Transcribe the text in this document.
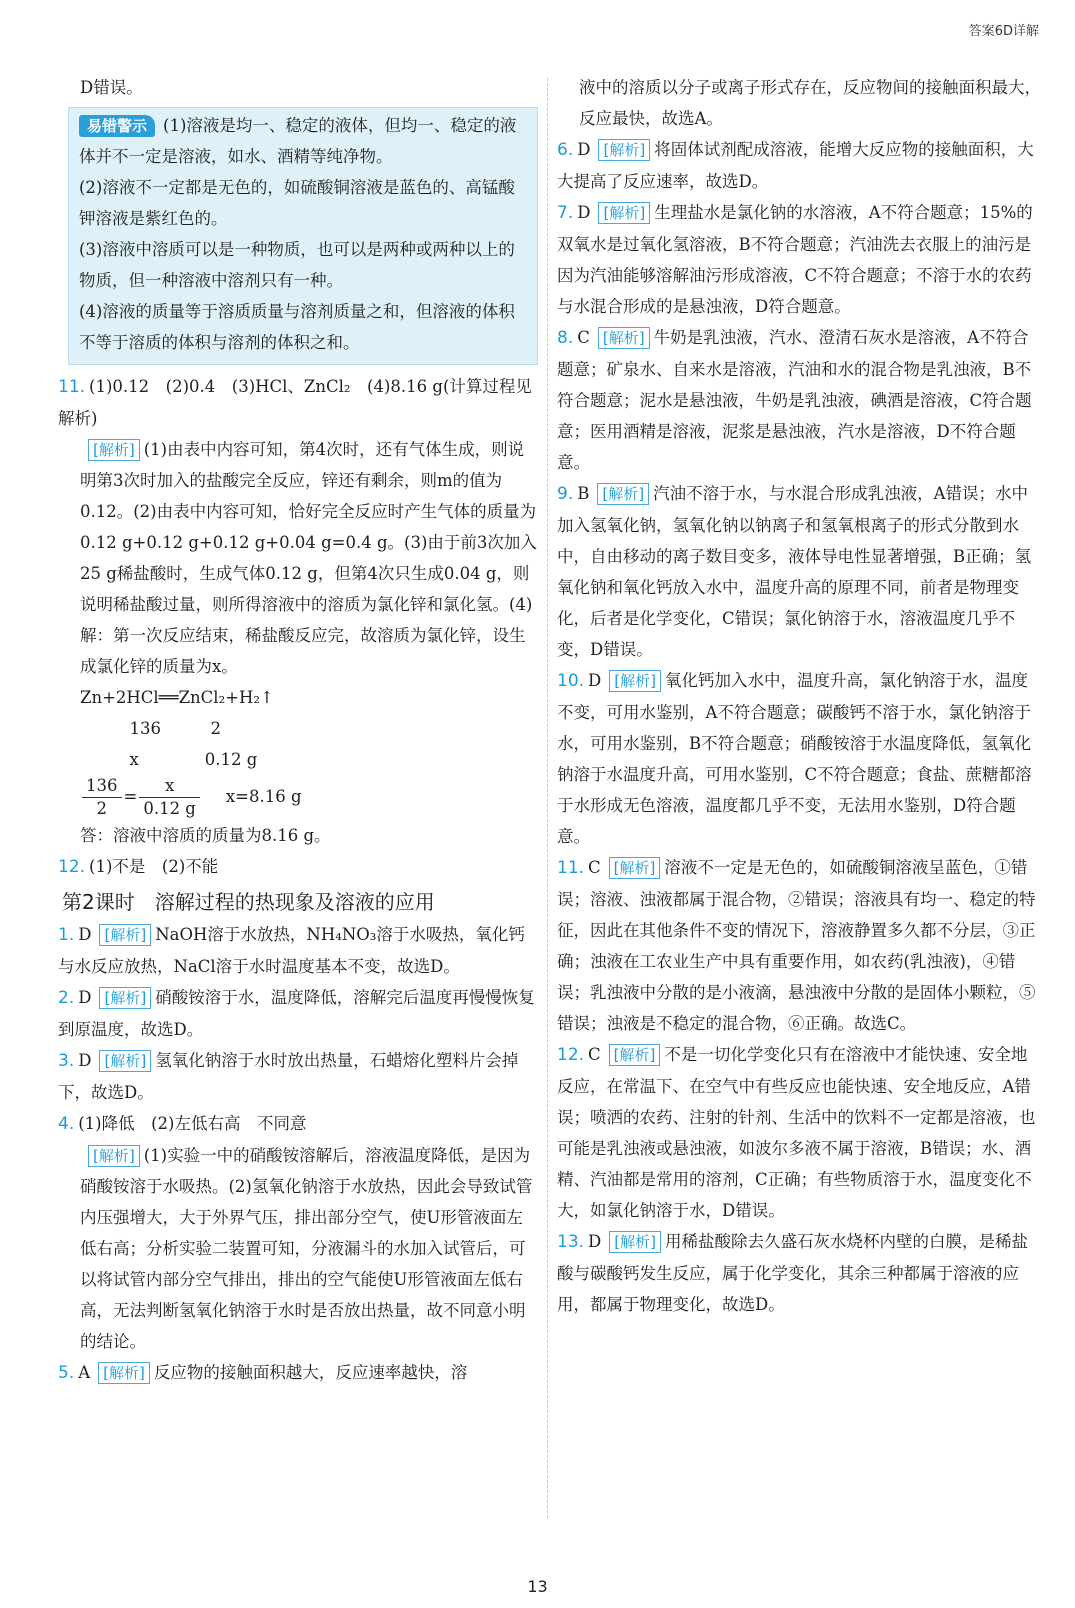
答案6D详解

D错误。

易错警示 (1)溶液是均一、稳定的液体，但均一、稳定的液体并不一定是溶液，如水、酒精等纯净物。
(2)溶液不一定都是无色的，如硫酸铜溶液是蓝色的、高锰酸钾溶液是紫红色的。
(3)溶液中溶质可以是一种物质，也可以是两种或两种以上的物质，但一种溶液中溶剂只有一种。
(4)溶液的质量等于溶质质量与溶剂质量之和，但溶液的体积不等于溶质的体积与溶剂的体积之和。

11. (1)0.12　(2)0.4　(3)HCl、ZnCl₂　(4)8.16 g(计算过程见解析)

[解析] (1)由表中内容可知，第4次时，还有气体生成，则说明第3次时加入的盐酸完全反应，锌还有剩余，则m的值为0.12。(2)由表中内容可知，恰好完全反应时产生气体的质量为0.12 g+0.12 g+0.12 g+0.04 g=0.4 g。(3)由于前3次加入25 g稀盐酸时，生成气体0.12 g，但第4次只生成0.04 g，则说明稀盐酸过量，则所得溶液中的溶质为氯化锌和氯化氢。(4)解：第一次反应结束，稀盐酸反应完，故溶质为氯化锌，设生成氯化锌的质量为x。

Zn+2HCl══ZnCl₂+H₂↑

　　　136　　　2

　　　x　　　　0.12 g

$\frac{136}{2} = \frac{x}{0.12 g} x=8.16$ g

答：溶液中溶质的质量为8.16 g。

12. (1)不是　(2)不能

第2课时　溶解过程的热现象及溶液的应用

1. D [解析] NaOH溶于水放热，NH₄NO₃溶于水吸热，氧化钙与水反应放热，NaCl溶于水时温度基本不变，故选D。

2. D [解析] 硝酸铵溶于水，温度降低，溶解完后温度再慢慢恢复到原温度，故选D。

3. D [解析] 氢氧化钠溶于水时放出热量，石蜡熔化塑料片会掉下，故选D。

4. (1)降低　(2)左低右高　不同意

[解析] (1)实验一中的硝酸铵溶解后，溶液温度降低，是因为硝酸铵溶于水吸热。(2)氢氧化钠溶于水放热，因此会导致试管内压强增大，大于外界气压，排出部分空气，使U形管液面左低右高；分析实验二装置可知，分液漏斗的水加入试管后，可以将试管内部分空气排出，排出的空气能使U形管液面左低右高，无法判断氢氧化钠溶于水时是否放出热量，故不同意小明的结论。

5. A [解析] 反应物的接触面积越大，反应速率越快，溶

液中的溶质以分子或离子形式存在，反应物间的接触面积最大，反应最快，故选A。

6. D [解析] 将固体试剂配成溶液，能增大反应物的接触面积，大大提高了反应速率，故选D。

7. D [解析] 生理盐水是氯化钠的水溶液，A不符合题意；15%的双氧水是过氧化氢溶液，B不符合题意；汽油洗去衣服上的油污是因为汽油能够溶解油污形成溶液，C不符合题意；不溶于水的农药与水混合形成的是悬浊液，D符合题意。

8. C [解析] 牛奶是乳浊液，汽水、澄清石灰水是溶液，A不符合题意；矿泉水、自来水是溶液，汽油和水的混合物是乳浊液，B不符合题意；泥水是悬浊液，牛奶是乳浊液，碘酒是溶液，C符合题意；医用酒精是溶液，泥浆是悬浊液，汽水是溶液，D不符合题意。

9. B [解析] 汽油不溶于水，与水混合形成乳浊液，A错误；水中加入氢氧化钠，氢氧化钠以钠离子和氢氧根离子的形式分散到水中，自由移动的离子数目变多，液体导电性显著增强，B正确；氢氧化钠和氧化钙放入水中，温度升高的原理不同，前者是物理变化，后者是化学变化，C错误；氯化钠溶于水，溶液温度几乎不变，D错误。

10. D [解析] 氧化钙加入水中，温度升高，氯化钠溶于水，温度不变，可用水鉴别，A不符合题意；碳酸钙不溶于水，氯化钠溶于水，可用水鉴别，B不符合题意；硝酸铵溶于水温度降低，氢氧化钠溶于水温度升高，可用水鉴别，C不符合题意；食盐、蔗糖都溶于水形成无色溶液，温度都几乎不变，无法用水鉴别，D符合题意。

11. C [解析] 溶液不一定是无色的，如硫酸铜溶液呈蓝色，①错误；溶液、浊液都属于混合物，②错误；溶液具有均一、稳定的特征，因此在其他条件不变的情况下，溶液静置多久都不分层，③正确；浊液在工农业生产中具有重要作用，如农药(乳浊液)，④错误；乳浊液中分散的是小液滴，悬浊液中分散的是固体小颗粒，⑤错误；浊液是不稳定的混合物，⑥正确。故选C。

12. C [解析] 不是一切化学变化只有在溶液中才能快速、安全地反应，在常温下、在空气中有些反应也能快速、安全地反应，A错误；喷洒的农药、注射的针剂、生活中的饮料不一定都是溶液，也可能是乳浊液或悬浊液，如波尔多液不属于溶液，B错误；水、酒精、汽油都是常用的溶剂，C正确；有些物质溶于水，温度变化不大，如氯化钠溶于水，D错误。

13. D [解析] 用稀盐酸除去久盛石灰水烧杯内壁的白膜，是稀盐酸与碳酸钙发生反应，属于化学变化，其余三种都属于溶液的应用，都属于物理变化，故选D。

13
